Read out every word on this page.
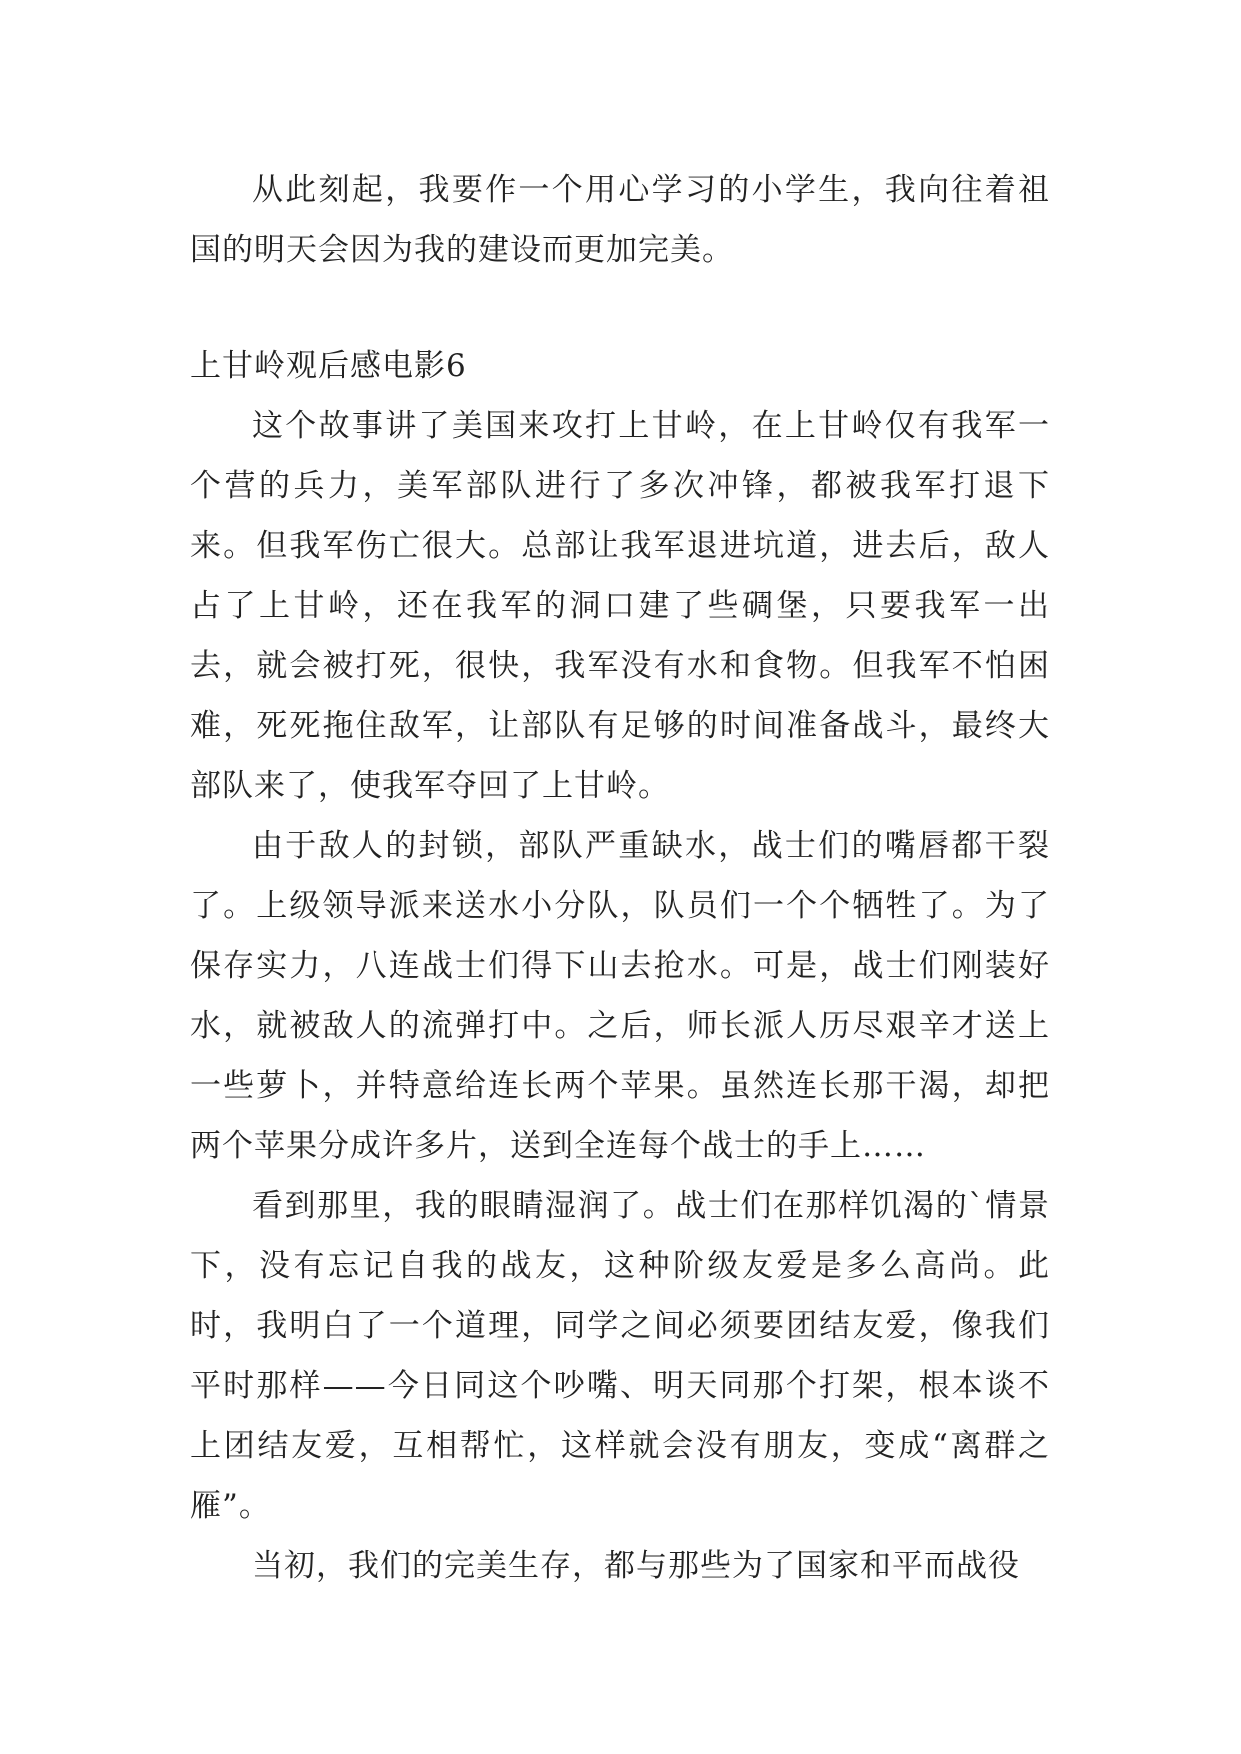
从此刻起，我要作一个用心学习的小学生，我向往着祖国的明天会因为我的建设而更加完美。

上甘岭观后感电影6

这个故事讲了美国来攻打上甘岭，在上甘岭仅有我军一个营的兵力，美军部队进行了多次冲锋，都被我军打退下来。但我军伤亡很大。总部让我军退进坑道，进去后，敌人占了上甘岭，还在我军的洞口建了些碉堡，只要我军一出去，就会被打死，很快，我军没有水和食物。但我军不怕困难，死死拖住敌军，让部队有足够的时间准备战斗，最终大部队来了，使我军夺回了上甘岭。

由于敌人的封锁，部队严重缺水，战士们的嘴唇都干裂了。上级领导派来送水小分队，队员们一个个牺牲了。为了保存实力，八连战士们得下山去抢水。可是，战士们刚装好水，就被敌人的流弹打中。之后，师长派人历尽艰辛才送上一些萝卜，并特意给连长两个苹果。虽然连长那干渴，却把两个苹果分成许多片，送到全连每个战士的手上……

看到那里，我的眼睛湿润了。战士们在那样饥渴的`情景下，没有忘记自我的战友，这种阶级友爱是多么高尚。此时，我明白了一个道理，同学之间必须要团结友爱，像我们平时那样——今日同这个吵嘴、明天同那个打架，根本谈不上团结友爱，互相帮忙，这样就会没有朋友，变成“离群之雁”。

当初，我们的完美生存，都与那些为了国家和平而战役
